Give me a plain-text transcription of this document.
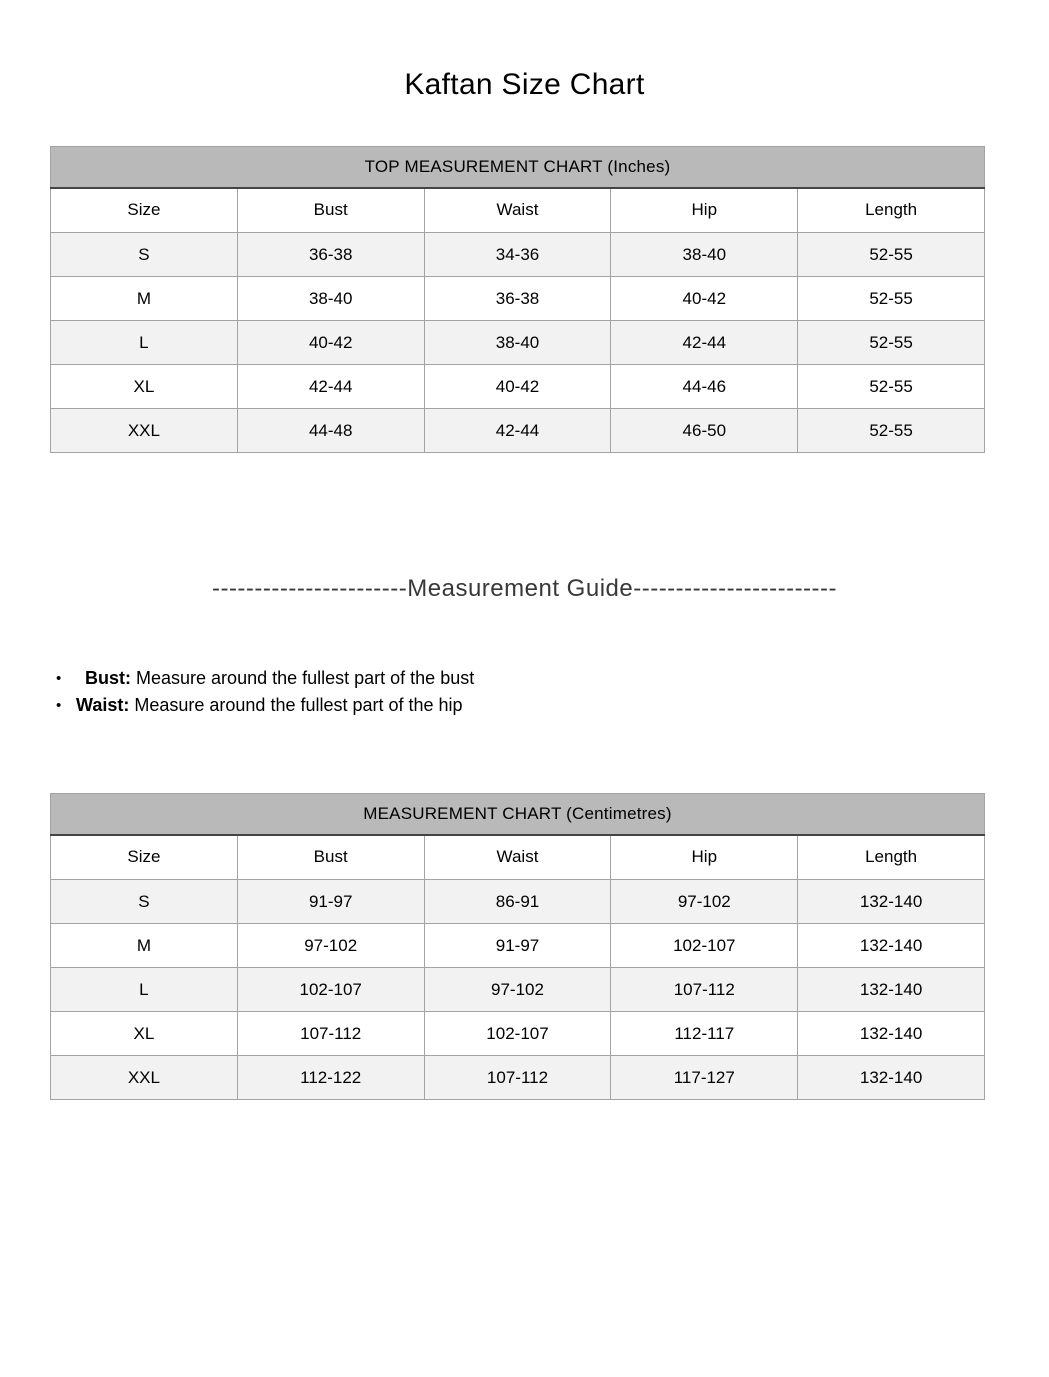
Kaftan Size Chart
TOP MEASUREMENT CHART (Inches)				
Size	Bust	Waist	Hip	Length
S	36-38	34-36	38-40	52-55
M	38-40	36-38	40-42	52-55
L	40-42	38-40	42-44	52-55
XL	42-44	40-42	44-46	52-55
XXL	44-48	42-44	46-50	52-55
-----------------------Measurement Guide------------------------
• Bust: Measure around the fullest part of the bust
• Waist: Measure around the fullest part of the hip
MEASUREMENT CHART (Centimetres)				
Size	Bust	Waist	Hip	Length
S	91-97	86-91	97-102	132-140
M	97-102	91-97	102-107	132-140
L	102-107	97-102	107-112	132-140
XL	107-112	102-107	112-117	132-140
XXL	112-122	107-112	117-127	132-140
